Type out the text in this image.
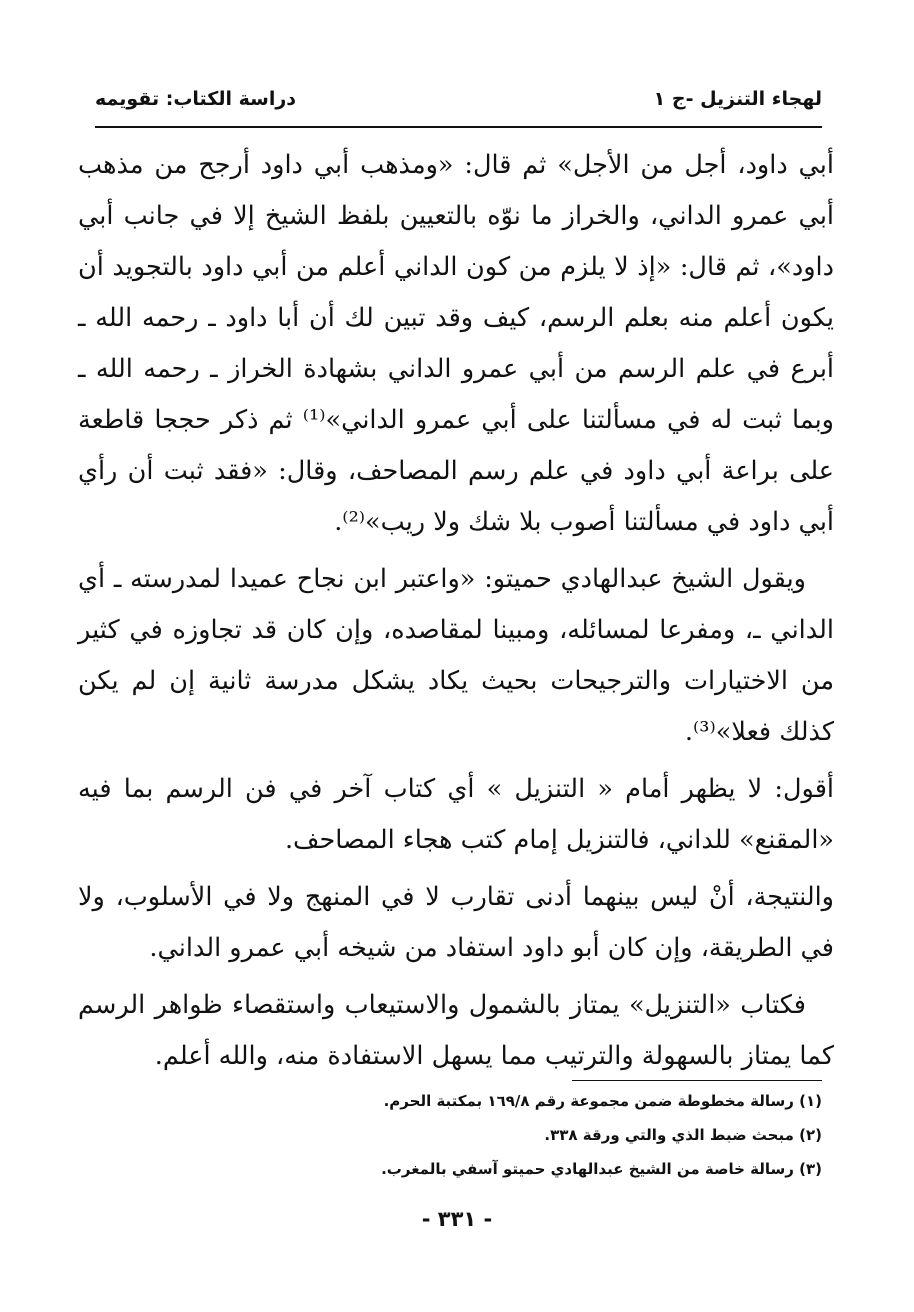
لهجاء التنزيل -ج ١
دراسة الكتاب: تقويمه

أبي داود، أجل من الأجل» ثم قال: «ومذهب أبي داود أرجح من مذهب أبي عمرو الداني، والخراز ما نوّه بالتعيين بلفظ الشيخ إلا في جانب أبي داود»، ثم قال: «إذ لا يلزم من كون الداني أعلم من أبي داود بالتجويد أن يكون أعلم منه بعلم الرسم، كيف وقد تبين لك أن أبا داود ـ رحمه الله ـ أبرع في علم الرسم من أبي عمرو الداني بشهادة الخراز ـ رحمه الله ـ وبما ثبت له في مسألتنا على أبي عمرو الداني»⁽¹⁾ ثم ذكر حججا قاطعة على براعة أبي داود في علم رسم المصاحف، وقال: «فقد ثبت أن رأي أبي داود في مسألتنا أصوب بلا شك ولا ريب»⁽²⁾.

ويقول الشيخ عبدالهادي حميتو: «واعتبر ابن نجاح عميدا لمدرسته ـ أي الداني ـ، ومفرعا لمسائله، ومبينا لمقاصده، وإن كان قد تجاوزه في كثير من الاختيارات والترجيحات بحيث يكاد يشكل مدرسة ثانية إن لم يكن كذلك فعلا»⁽³⁾.

أقول: لا يظهر أمام « التنزيل » أي كتاب آخر في فن الرسم بما فيه «المقنع» للداني، فالتنزيل إمام كتب هجاء المصاحف.

والنتيجة، أنْ ليس بينهما أدنى تقارب لا في المنهج ولا في الأسلوب، ولا في الطريقة، وإن كان أبو داود استفاد من شيخه أبي عمرو الداني.

فكتاب «التنزيل» يمتاز بالشمول والاستيعاب واستقصاء ظواهر الرسم كما يمتاز بالسهولة والترتيب مما يسهل الاستفادة منه، والله أعلم.

(١) رسالة مخطوطة ضمن مجموعة رقم ١٦٩/٨ بمكتبة الحرم.

(٢) مبحث ضبط الذي والتي ورقة ٣٣٨.

(٣) رسالة خاصة من الشيخ عبدالهادي حميتو آسفي بالمغرب.

- ٣٣١ -
